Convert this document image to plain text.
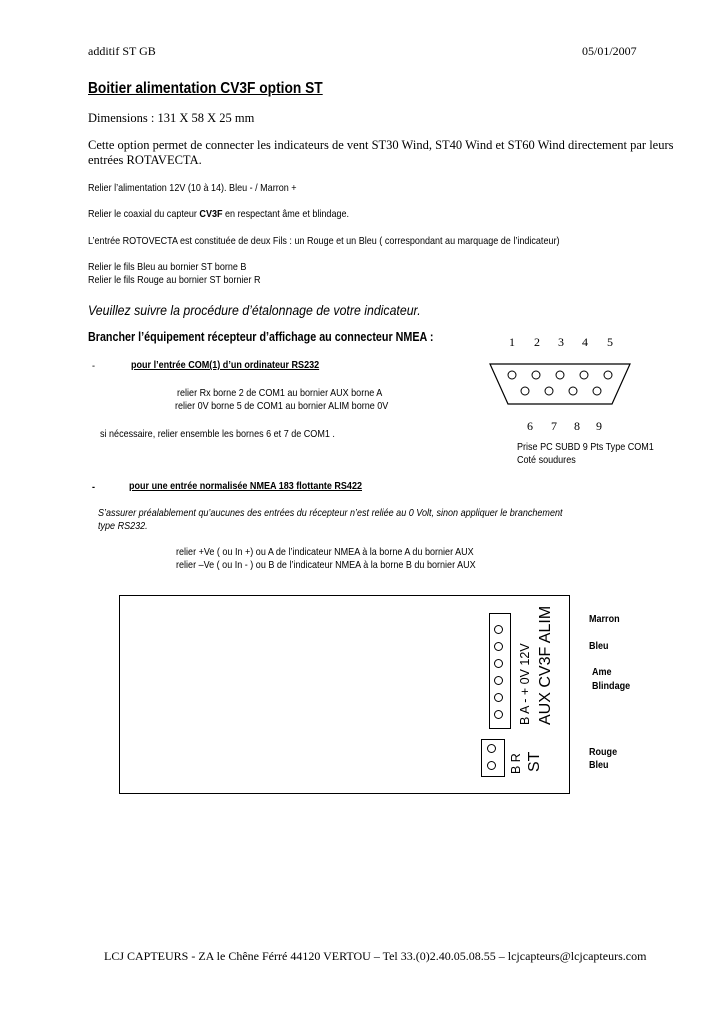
additif ST GB	05/01/2007
Boitier alimentation CV3F option ST
Dimensions : 131 X 58 X 25 mm
Cette option permet de connecter les indicateurs de vent ST30 Wind, ST40 Wind et ST60 Wind directement par leurs
entrées ROTAVECTA.
Relier l’alimentation 12V (10 à 14). Bleu - / Marron +
Relier le coaxial du capteur CV3F en respectant âme et blindage.
L’entrée ROTOVECTA est constituée de deux Fils : un Rouge et un Bleu ( correspondant au marquage de l’indicateur)
Relier le fils Bleu au bornier ST borne B
Relier le fils Rouge au bornier ST bornier R
Veuillez suivre la procédure d’étalonnage de votre indicateur.
Brancher l’équipement récepteur d’affichage au connecteur NMEA :
-	pour l’entrée COM(1) d’un ordinateur RS232
relier Rx borne 2 de COM1 au bornier AUX borne A
relier 0V borne 5 de COM1 au bornier ALIM borne 0V
si nécessaire, relier ensemble les bornes 6 et 7 de COM1 .
1 2 3 4 5
6 7 8 9
Prise PC SUBD 9 Pts Type COM1
Coté soudures
-	pour une entrée normalisée NMEA 183 flottante RS422
S’assurer préalablement qu’aucunes des entrées du récepteur n’est reliée au 0 Volt, sinon appliquer le branchement
type RS232.
relier +Ve ( ou In +) ou A de l’indicateur NMEA à la borne A du bornier AUX
relier –Ve ( ou In - ) ou B de l’indicateur NMEA à la borne B du bornier AUX
B A - + 0V 12V AUX CV3F ALIM
B R ST
Marron
Bleu
Ame
Blindage
Rouge
Bleu
LCJ CAPTEURS - ZA le Chêne Férré 44120 VERTOU – Tel 33.(0)2.40.05.08.55 – lcjcapteurs@lcjcapteurs.com
